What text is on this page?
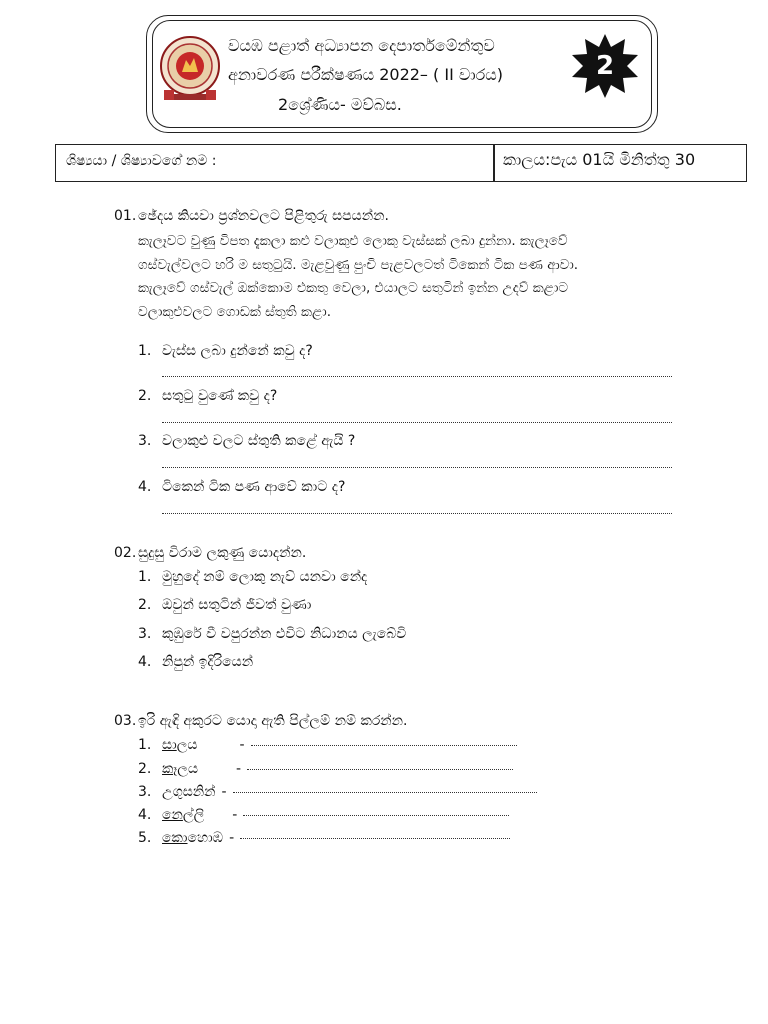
වයඹ පළාත් අධ්‍යාපන දෙපාර්තමේන්තුව
අනාවරණ පරීක්ෂණය 2022– ( II වාරය)
2ශ්‍රේණිය- මව්බස.
2
ශිෂ්‍යයා / ශිෂ්‍යාවගේ නම :	කාලය:පැය 01යි මිනිත්තු 30
01. ඡේදය කියවා ප්‍රශ්නවලට පිළිතුරු සපයන්න.
කැලෑවට වුණු විපත දැකලා කළු වලාකුළු ලොකු වැස්සක් ලබා දුන්නා. කැලෑවේ
ගස්වැල්වලට හරි ම සතුටුයි. මැළවුණු පුංචි පැළවලටත් ටිකෙන් ටික පණ ආවා.
කැලෑවේ ගස්වැල් ඔක්කොම එකතු වෙලා, එයාලට සතුටින් ඉන්න උදව් කළාට
වලාකුළුවලට ගොඩක් ස්තුති කළා.
1. වැස්ස ලබා දුන්නේ කවු ද?
2. සතුටු වුණේ කවු ද?
3. වලාකුළු වලට ස්තුති කළේ ඇයි ?
4. ටිකෙන් ටික පණ ආවේ කාට ද?
02. සුදුසු විරාම ලකුණු යොදන්න.
1. මුහුදේ නම් ලොකු නැව් යනවා නේද
2. ඔවුන් සතුටින් ජීවත් වුණා
3. කුඹුරේ වී වපුරන්න එවිට නිධානය ලැබේවි
4. නිපුන් ඉදිරියෙන්
03. ඉරි ඇඳි අකුරට යොදා ඇති පිල්ලම් නම් කරන්න.
1. සාලය	-
2. කෑලය	-
3. උගුසනින් -
4. නෙල්ලි -
5. කොහොඹ -
